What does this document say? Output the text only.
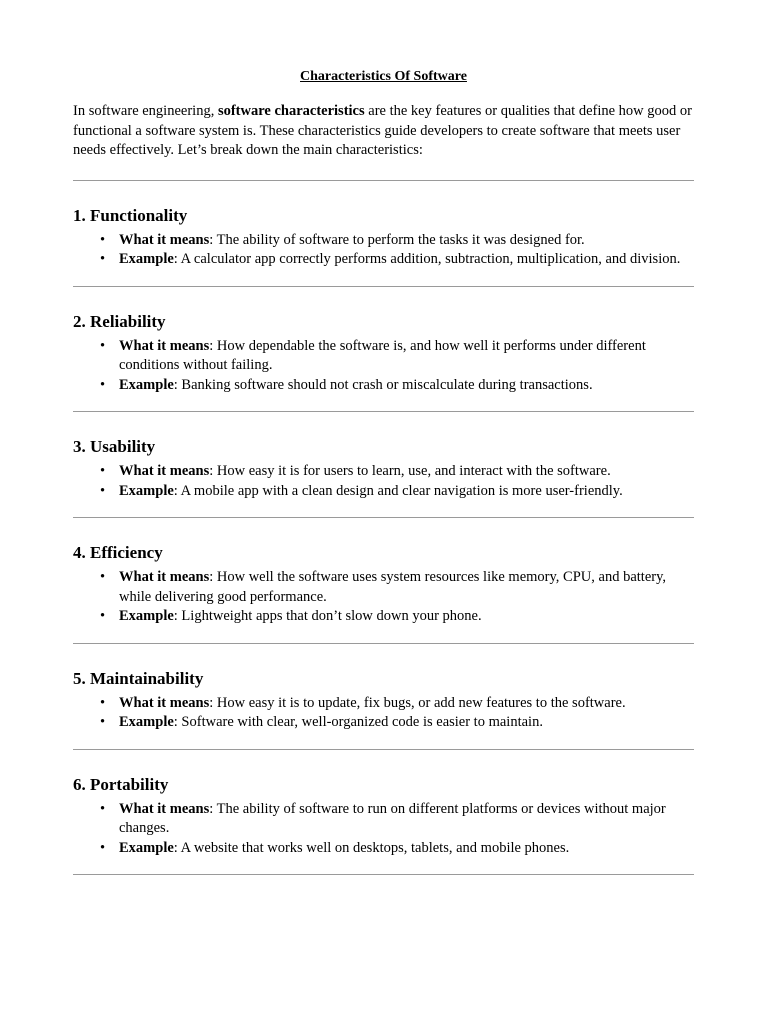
Characteristics Of Software

In software engineering, software characteristics are the key features or qualities that define how good or functional a software system is. These characteristics guide developers to create software that meets user needs effectively. Let’s break down the main characteristics:

1. Functionality
• What it means: The ability of software to perform the tasks it was designed for.
• Example: A calculator app correctly performs addition, subtraction, multiplication, and division.
2. Reliability
• What it means: How dependable the software is, and how well it performs under different conditions without failing.
• Example: Banking software should not crash or miscalculate during transactions.
3. Usability
• What it means: How easy it is for users to learn, use, and interact with the software.
• Example: A mobile app with a clean design and clear navigation is more user-friendly.
4. Efficiency
• What it means: How well the software uses system resources like memory, CPU, and battery, while delivering good performance.
• Example: Lightweight apps that don’t slow down your phone.
5. Maintainability
• What it means: How easy it is to update, fix bugs, or add new features to the software.
• Example: Software with clear, well-organized code is easier to maintain.
6. Portability
• What it means: The ability of software to run on different platforms or devices without major changes.
• Example: A website that works well on desktops, tablets, and mobile phones.
